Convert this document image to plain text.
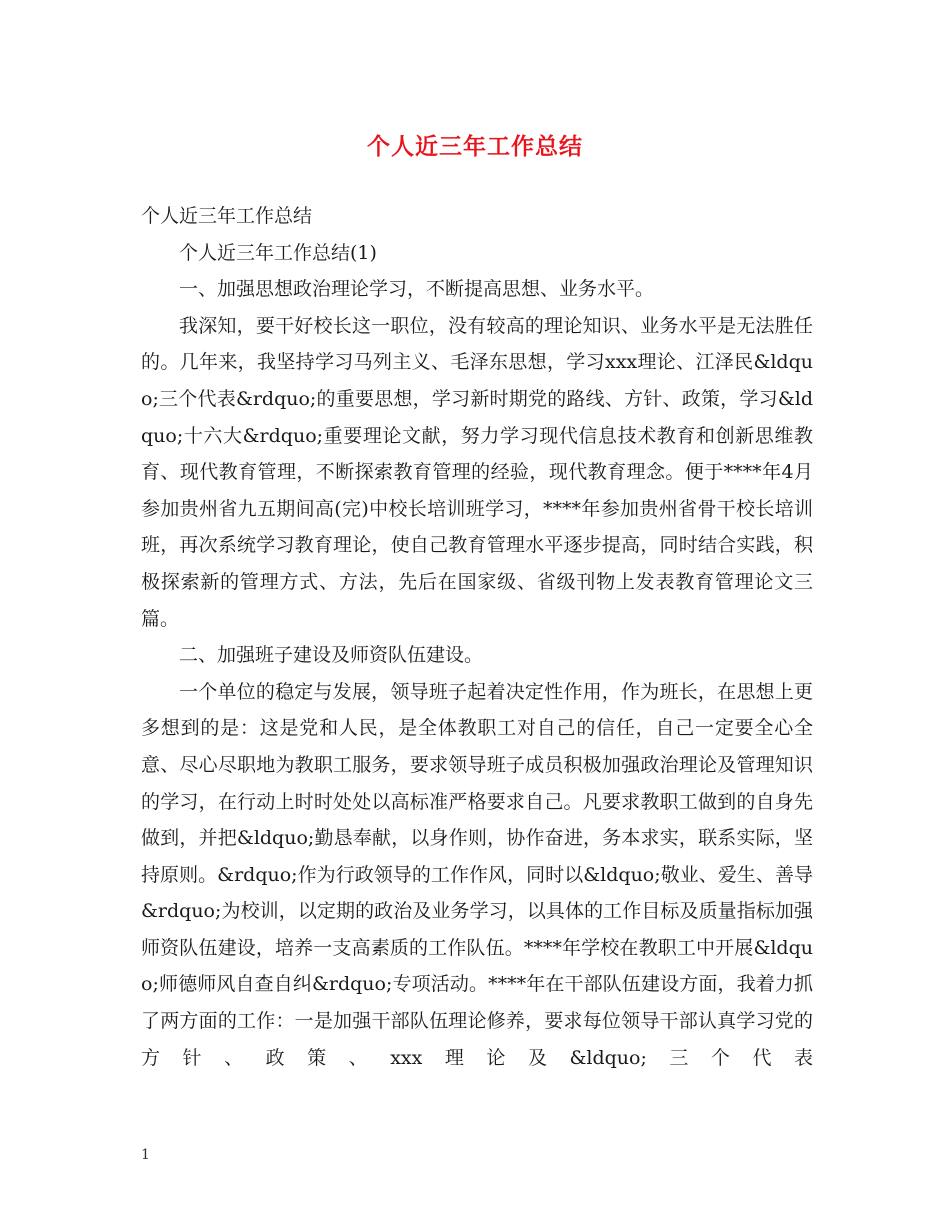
个人近三年工作总结

个人近三年工作总结

个人近三年工作总结(1)

一、加强思想政治理论学习，不断提高思想、业务水平。

我深知，要干好校长这一职位，没有较高的理论知识、业务水平是无法胜任的。几年来，我坚持学习马列主义、毛泽东思想，学习xxx理论、江泽民&ldquo;三个代表&rdquo;的重要思想，学习新时期党的路线、方针、政策，学习&ldquo;十六大&rdquo;重要理论文献，努力学习现代信息技术教育和创新思维教育、现代教育管理，不断探索教育管理的经验，现代教育理念。便于****年4月参加贵州省九五期间高(完)中校长培训班学习，****年参加贵州省骨干校长培训班，再次系统学习教育理论，使自己教育管理水平逐步提高，同时结合实践，积极探索新的管理方式、方法，先后在国家级、省级刊物上发表教育管理论文三篇。

二、加强班子建设及师资队伍建设。

一个单位的稳定与发展，领导班子起着决定性作用，作为班长，在思想上更多想到的是：这是党和人民，是全体教职工对自己的信任，自己一定要全心全意、尽心尽职地为教职工服务，要求领导班子成员积极加强政治理论及管理知识的学习，在行动上时时处处以高标准严格要求自己。凡要求教职工做到的自身先做到，并把&ldquo;勤恳奉献，以身作则，协作奋进，务本求实，联系实际，坚持原则。&rdquo;作为行政领导的工作作风，同时以&ldquo;敬业、爱生、善导&rdquo;为校训，以定期的政治及业务学习，以具体的工作目标及质量指标加强师资队伍建设，培养一支高素质的工作队伍。****年学校在教职工中开展&ldquo;师德师风自查自纠&rdquo;专项活动。****年在干部队伍建设方面，我着力抓了两方面的工作：一是加强干部队伍理论修养，要求每位领导干部认真学习党的方针、政策、xxx理论及&ldquo;三个代表

1
